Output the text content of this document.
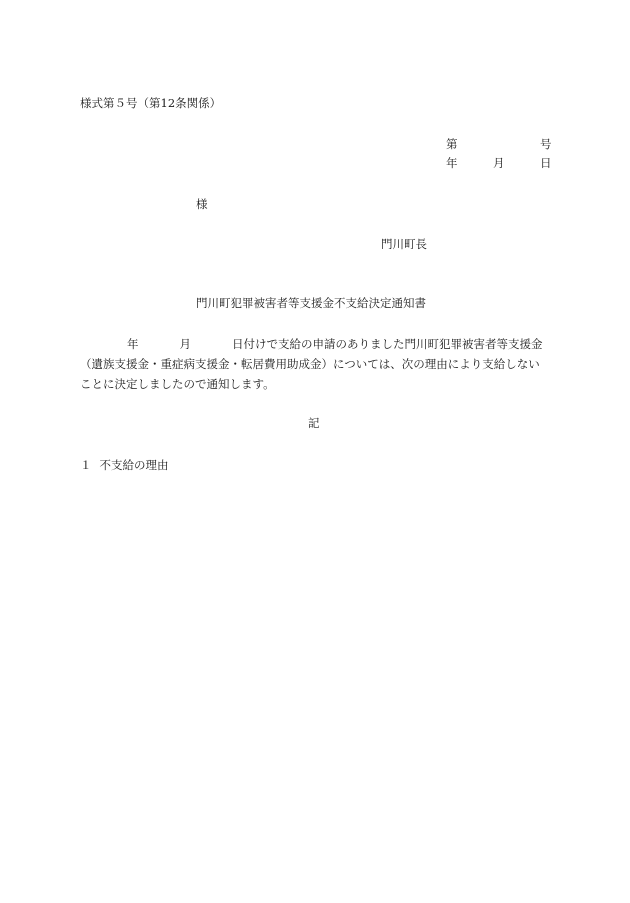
様式第５号（第12条関係）
第	号
年	月	日
様
門川町長
門川町犯罪被害者等支援金不支給決定通知書
年	月	日付けで支給の申請のありました門川町犯罪被害者等支援金
（遺族支援金・重症病支援金・転居費用助成金）については、次の理由により支給しない
ことに決定しましたので通知します。
記
１ 不支給の理由
